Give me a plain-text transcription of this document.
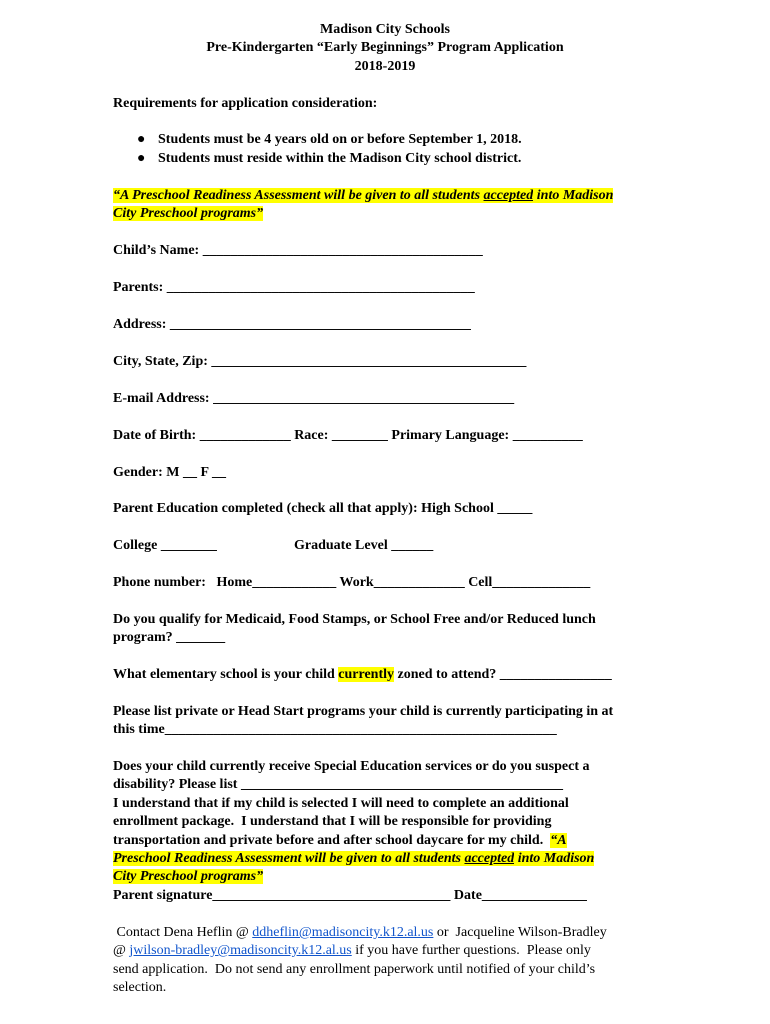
Madison City Schools
Pre-Kindergarten “Early Beginnings” Program Application
2018-2019
Requirements for application consideration:
● Students must be 4 years old on or before September 1, 2018.
● Students must reside within the Madison City school district.
“A Preschool Readiness Assessment will be given to all students accepted into Madison
City Preschool programs”
Child’s Name: ________________________________________
Parents: ____________________________________________
Address: ___________________________________________
City, State, Zip: _____________________________________________
E-mail Address: ___________________________________________
Date of Birth: _____________ Race: ________ Primary Language: __________
Gender: M __ F __
Parent Education completed (check all that apply): High School _____
College ________	Graduate Level ______
Phone number:   Home____________ Work_____________ Cell______________
Do you qualify for Medicaid, Food Stamps, or School Free and/or Reduced lunch
program? _______
What elementary school is your child currently zoned to attend? ________________
Please list private or Head Start programs your child is currently participating in at
this time________________________________________________________
Does your child currently receive Special Education services or do you suspect a
disability? Please list ______________________________________________
I understand that if my child is selected I will need to complete an additional
enrollment package.  I understand that I will be responsible for providing
transportation and private before and after school daycare for my child.  “A
Preschool Readiness Assessment will be given to all students accepted into Madison
City Preschool programs”
Parent signature__________________________________ Date_______________
Contact Dena Heflin @ ddheflin@madisoncity.k12.al.us or  Jacqueline Wilson-Bradley
@ jwilson-bradley@madisoncity.k12.al.us if you have further questions.  Please only
send application.  Do not send any enrollment paperwork until notified of your child’s
selection.
